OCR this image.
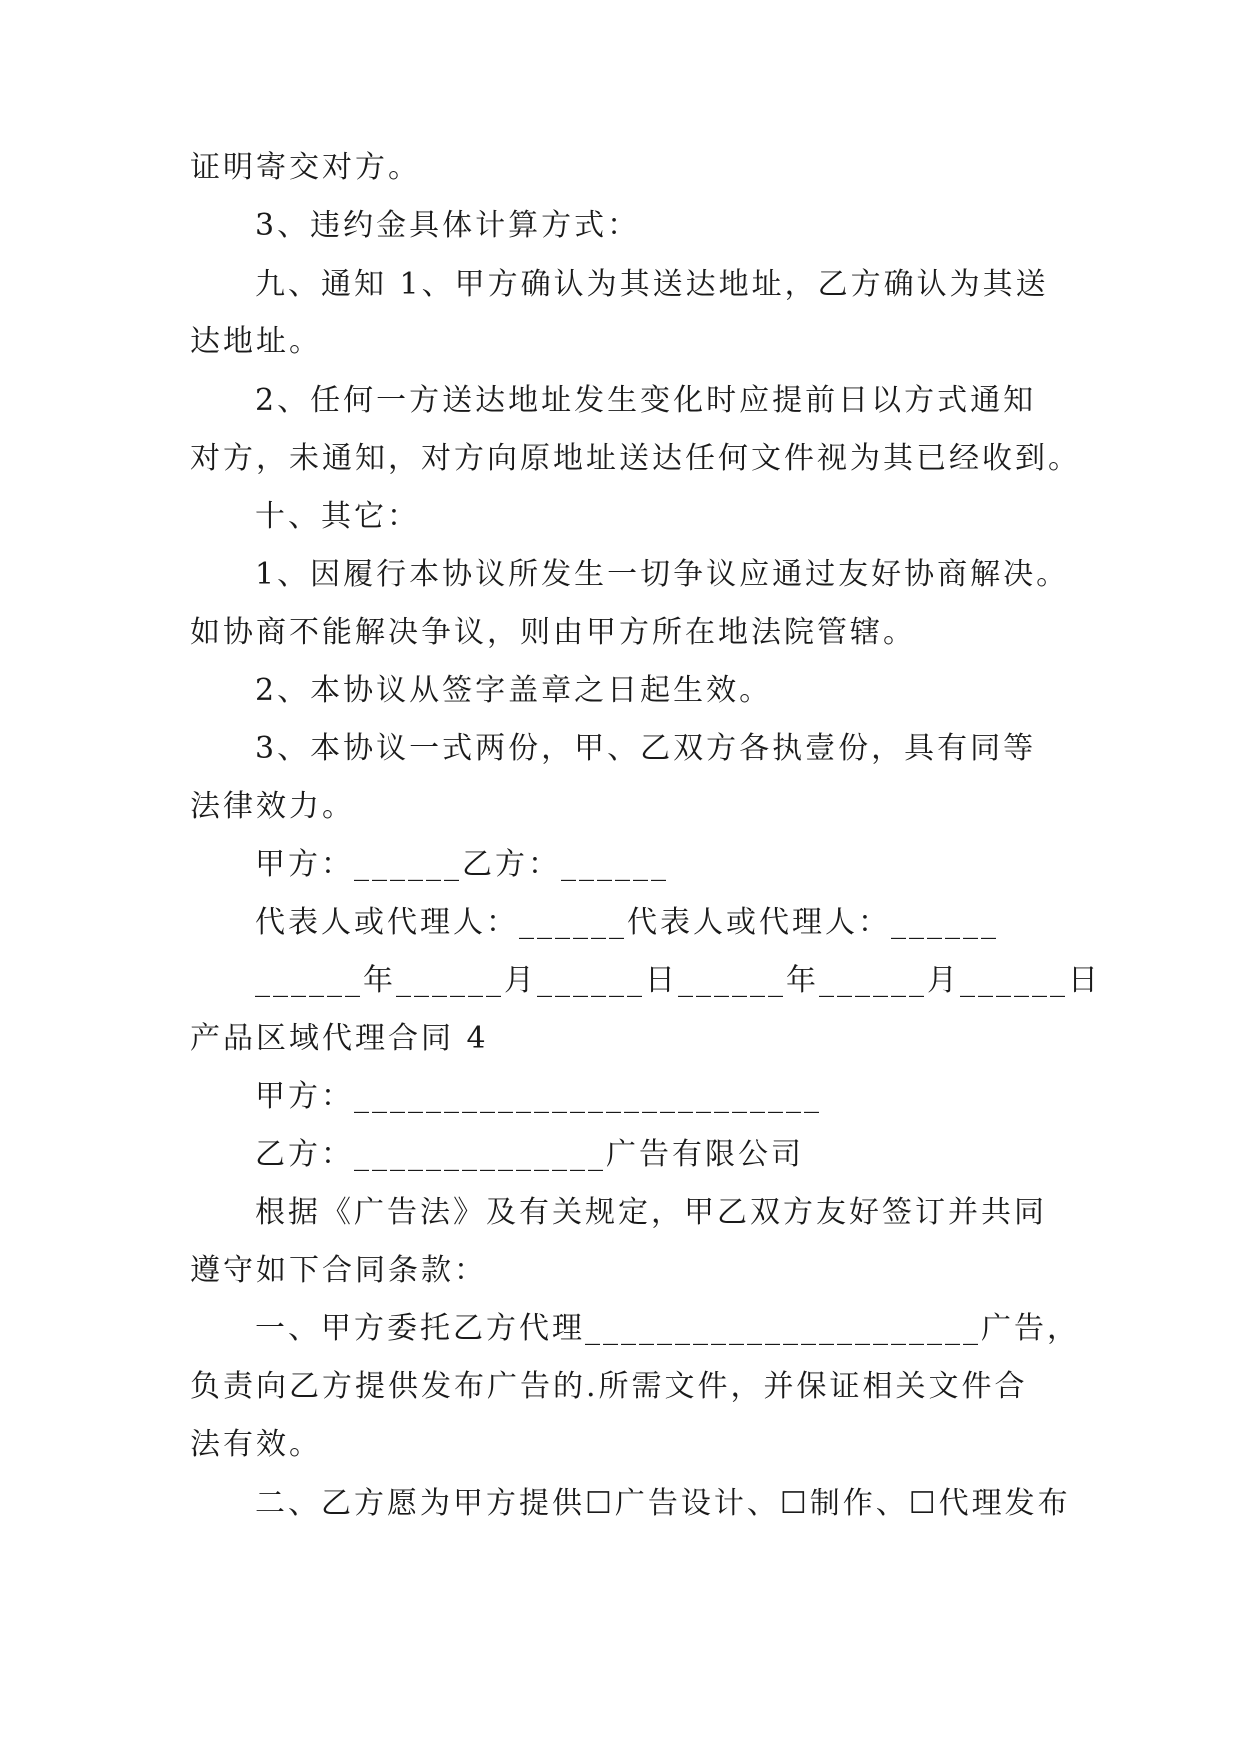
证明寄交对方。
3、违约金具体计算方式：
九、通知 1、甲方确认为其送达地址，乙方确认为其送
达地址。
2、任何一方送达地址发生变化时应提前日以方式通知
对方，未通知，对方向原地址送达任何文件视为其已经收到。
十、其它：
1、因履行本协议所发生一切争议应通过友好协商解决。
如协商不能解决争议，则由甲方所在地法院管辖。
2、本协议从签字盖章之日起生效。
3、本协议一式两份，甲、乙双方各执壹份，具有同等
法律效力。
甲方：______乙方：______
代表人或代理人：______代表人或代理人：______
______年______月______日______年______月______日
产品区域代理合同 4
甲方：__________________________
乙方：______________广告有限公司
根据《广告法》及有关规定，甲乙双方友好签订并共同
遵守如下合同条款：
一、甲方委托乙方代理______________________广告，
负责向乙方提供发布广告的.所需文件，并保证相关文件合
法有效。
二、乙方愿为甲方提供☐广告设计、☐制作、☐代理发布
